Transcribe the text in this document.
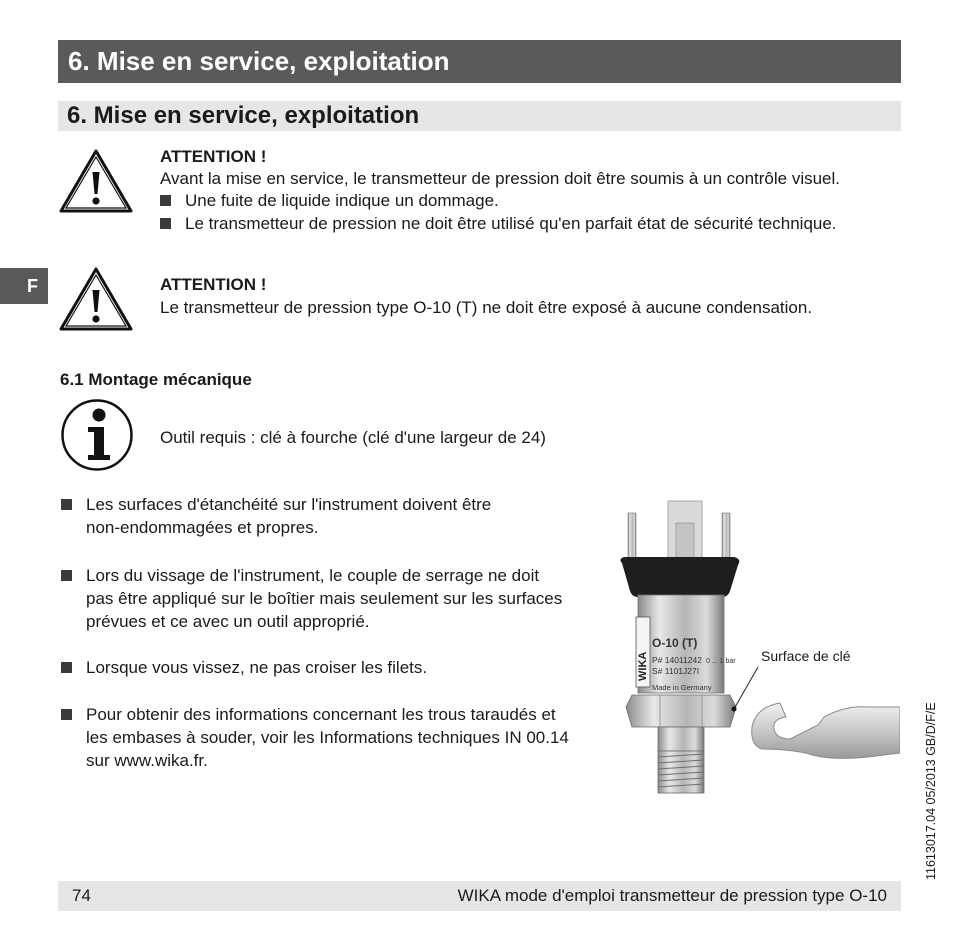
6. Mise en service, exploitation
6. Mise en service, exploitation
F
ATTENTION !
Avant la mise en service, le transmetteur de pression doit être soumis à un contrôle visuel.
Une fuite de liquide indique un dommage.
Le transmetteur de pression ne doit être utilisé qu'en parfait état de sécurité technique.
ATTENTION !
Le transmetteur de pression type O-10 (T) ne doit être exposé à aucune condensation.
6.1 Montage mécanique
Outil requis : clé à fourche (clé d'une largeur de 24)
Les surfaces d'étanchéité sur l'instrument doivent être
non-endommagées et propres.
Lors du vissage de l'instrument, le couple de serrage ne doit
pas être appliqué sur le boîtier mais seulement sur les surfaces
prévues et ce avec un outil approprié.
Lorsque vous vissez, ne pas croiser les filets.
Pour obtenir des informations concernant les trous taraudés et
les embases à souder, voir les Informations techniques IN 00.14
sur www.wika.fr.
WIKA
O-10 (T)
P# 14011242
S# 1101J27I
Made in Germany
0 ... 1 bar Surface de clé
11613017.04 05/2013 GB/D/F/E
74	WIKA mode d'emploi transmetteur de pression type O-10
